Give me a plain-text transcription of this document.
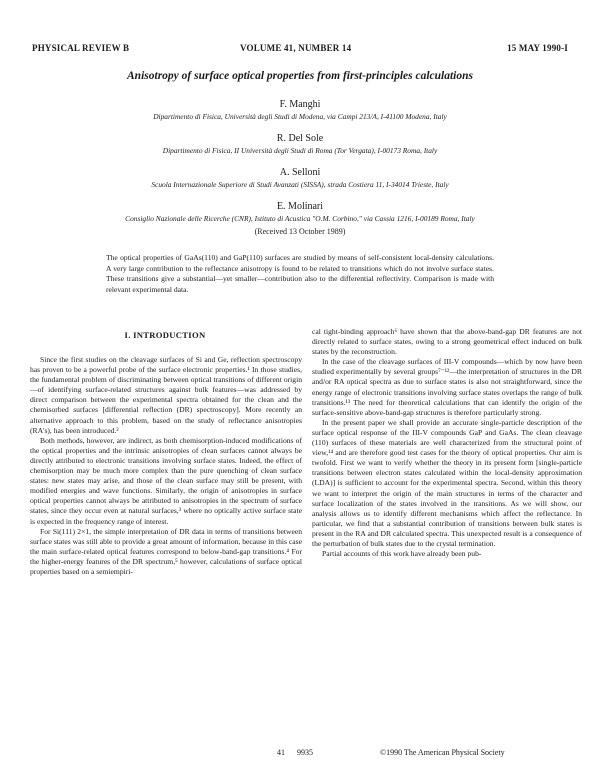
PHYSICAL REVIEW B	VOLUME 41, NUMBER 14	15 MAY 1990-I
Anisotropy of surface optical properties from first-principles calculations
F. Manghi
Dipartimento di Fisica, Università degli Studi di Modena, via Campi 213/A, I-41100 Modena, Italy
R. Del Sole
Dipartimento di Fisica, II Università degli Studi di Roma (Tor Vergata), I-00173 Roma, Italy
A. Selloni
Scuola Internazionale Superiore di Studi Avanzati (SISSA), strada Costiera 11, I-34014 Trieste, Italy
E. Molinari
Consiglio Nazionale delle Ricerche (CNR), Istituto di Acustica "O.M. Corbino," via Cassia 1216, I-00189 Roma, Italy
(Received 13 October 1989)
The optical properties of GaAs(110) and GaP(110) surfaces are studied by means of self-consistent local-density calculations. A very large contribution to the reflectance anisotropy is found to be related to transitions which do not involve surface states. These transitions give a substantial—yet smaller—contribution also to the differential reflectivity. Comparison is made with relevant experimental data.
I. INTRODUCTION

Since the first studies on the cleavage surfaces of Si and Ge, reflection spectroscopy has proven to be a powerful probe of the surface electronic properties.¹ In those studies, the fundamental problem of discriminating between optical transitions of different origin—of identifying surface-related structures against bulk features—was addressed by direct comparison between the experimental spectra obtained for the clean and the chemisorbed surfaces [differential reflection (DR) spectroscopy]. More recently an alternative approach to this problem, based on the study of reflectance anisotropies (RA's), has been introduced.²

Both methods, however, are indirect, as both chemisorption-induced modifications of the optical properties and the intrinsic anisotropies of clean surfaces cannot always be directly attributed to electronic transitions involving surface states. Indeed, the effect of chemisorption may be much more complex than the pure quenching of clean surface states: new states may arise, and those of the clean surface may still be present, with modified energies and wave functions. Similarly, the origin of anisotropies in surface optical properties cannot always be attributed to anisotropies in the spectrum of surface states, since they occur even at natural surfaces,³ where no optically active surface state is expected in the frequency range of interest.

For Si(111) 2×1, the simple interpretation of DR data in terms of transitions between surface states was still able to provide a great amount of information, because in this case the main surface-related optical features correspond to below-band-gap transitions.⁴ For the higher-energy features of the DR spectrum,⁵ however, calculations of surface optical properties based on a semiempiri-

cal tight-binding approach⁶ have shown that the above-band-gap DR features are not directly related to surface states, owing to a strong geometrical effect induced on bulk states by the reconstruction.

In the case of the cleavage surfaces of III-V compounds—which by now have been studied experimentally by several groups⁷⁻¹²—the interpretation of structures in the DR and/or RA optical spectra as due to surface states is also not straightforward, since the energy range of electronic transitions involving surface states overlaps the range of bulk transitions.¹³ The need for theoretical calculations that can identify the origin of the surface-sensitive above-band-gap structures is therefore particularly strong.

In the present paper we shall provide an accurate single-particle description of the surface optical response of the III-V compounds GaP and GaAs. The clean cleavage (110) surfaces of these materials are well characterized from the structural point of view,¹⁴ and are therefore good test cases for the theory of optical properties. Our aim is twofold. First we want to verify whether the theory in its present form [single-particle transitions between electron states calculated within the local-density approximation (LDA)] is sufficient to account for the experimental spectra. Second, within this theory we want to interpret the origin of the main structures in terms of the character and surface localization of the states involved in the transitions. As we will show, our analysis allows us to identify different mechanisms which affect the reflectance. In particular, we find that a substantial contribution of transitions between bulk states is present in the RA and DR calculated spectra. This unexpected result is a consequence of the perturbation of bulk states due to the crystal termination.

Partial accounts of this work have already been pub-

41 9935	©1990 The American Physical Society
